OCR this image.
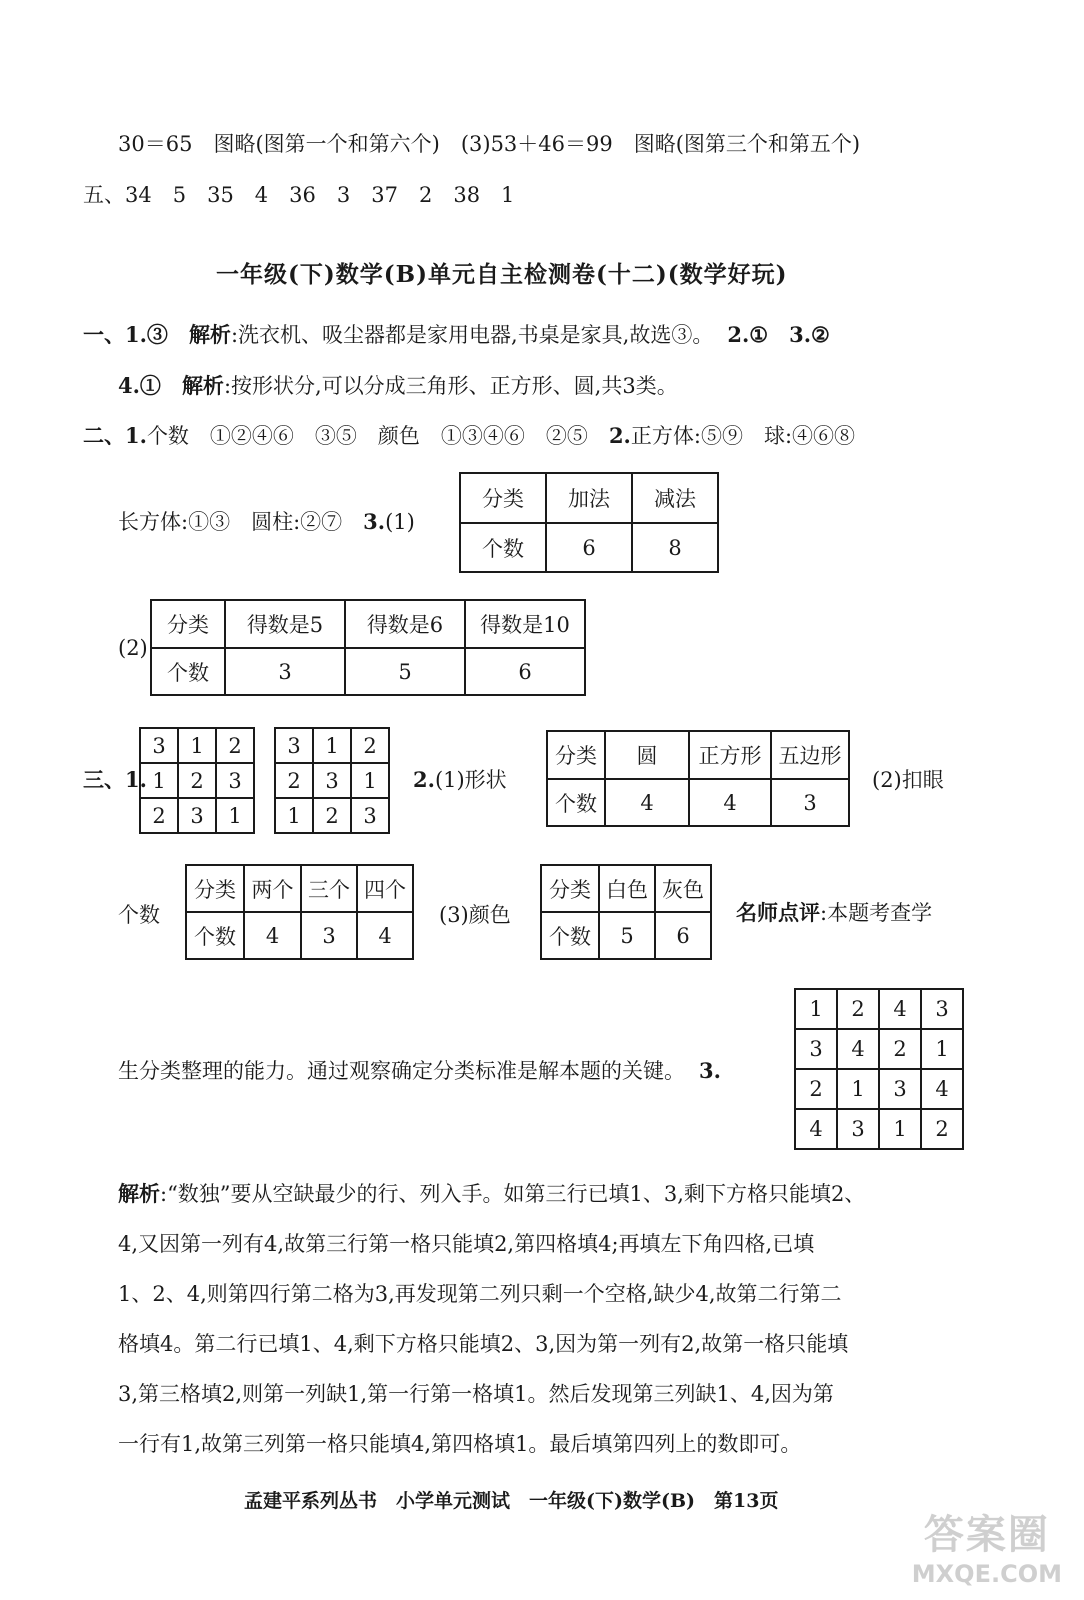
30＝65　图略(图第一个和第六个)　(3)53＋46＝99　图略(图第三个和第五个)
五、34　5　35　4　36　3　37　2　38　1
一年级(下)数学(B)单元自主检测卷(十二)(数学好玩)
一、1.③　解析:洗衣机、吸尘器都是家用电器,书桌是家具,故选③。 2.①　3.②
4.①　解析:按形状分,可以分成三角形、正方形、圆,共3类。
二、1.个数　①②④⑥　③⑤　颜色　①③④⑥　②⑤　2.正方体:⑤⑨　球:④⑥⑧
长方体:①③　圆柱:②⑦　3.(1)
分类	加法	减法
个数	6	8
(2)
分类	得数是5	得数是6	得数是10
个数	3	5	6
三、1.
3	1	2
1	2	3
2	3	1
3	1	2
2	3	1
1	2	3
2.(1)形状
分类	圆	正方形	五边形
个数	4	4	3
(2)扣眼
个数
分类	两个	三个	四个
个数	4	3	4
(3)颜色
分类	白色	灰色
个数	5	6
名师点评:本题考查学
生分类整理的能力。通过观察确定分类标准是解本题的关键。 3.
1	2	4	3
3	4	2	1
2	1	3	4
4	3	1	2
解析:“数独”要从空缺最少的行、列入手。如第三行已填1、3,剩下方格只能填2、
4,又因第一列有4,故第三行第一格只能填2,第四格填4;再填左下角四格,已填
1、2、4,则第四行第二格为3,再发现第二列只剩一个空格,缺少4,故第二行第二
格填4。第二行已填1、4,剩下方格只能填2、3,因为第一列有2,故第一格只能填
3,第三格填2,则第一列缺1,第一行第一格填1。然后发现第三列缺1、4,因为第
一行有1,故第三列第一格只能填4,第四格填1。最后填第四列上的数即可。
孟建平系列丛书　小学单元测试　一年级(下)数学(B)　第13页
答案圈
MXQE.COM
